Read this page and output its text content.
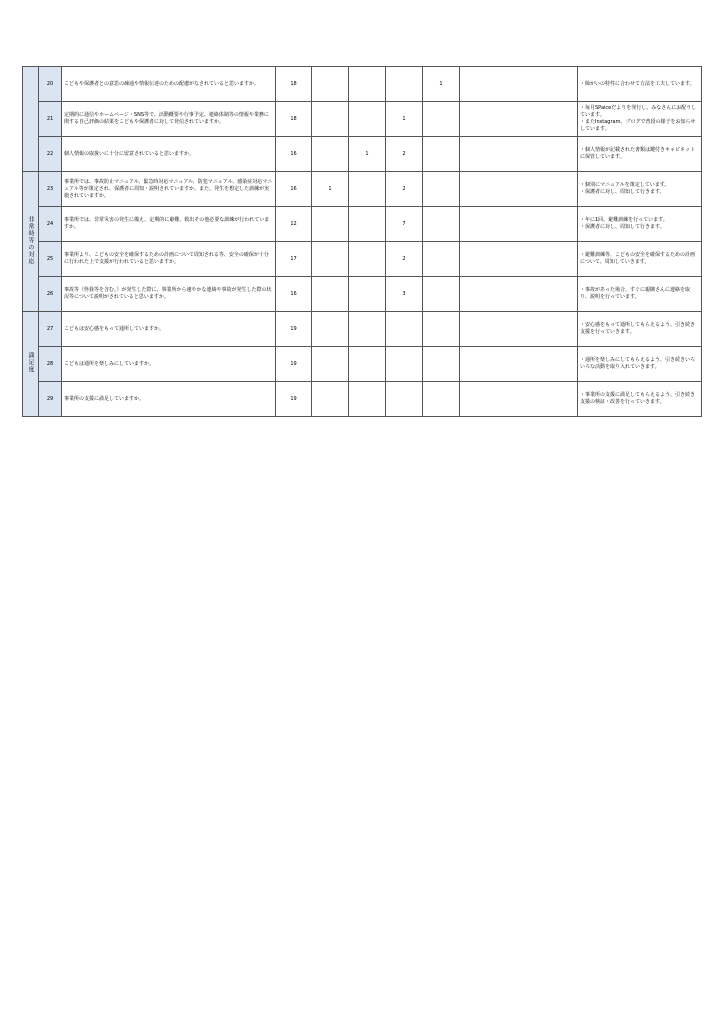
	20	こどもや保護者との意思の疎通や情報伝達のための配慮がなされていると思いますか。	18				1		・障がいの特性に合わせて方法を工夫しています。
	21	定期的に通信やホームページ・SNS等で、活動概要や行事予定、連絡体制等の情報や業務に関する自己評価の結果をこどもや保護者に対して発信されていますか。	18			1			・毎月SPaiceだよりを発行し、みなさんにお配りしています。
・またInstagram、ブログで普段の様子をお知らせしています。
	22	個人情報の取扱いに十分に留意されていると思いますか。	16		1	2			・個人情報が記載された書類は鍵付きキャビネットに保管しています。
非常時等の対応	23	事業所では、事故防止マニュアル、緊急時対応マニュアル、防犯マニュアル、感染症対応マニュアル等が策定され、保護者に周知・説明されていますか。また、発生を想定した訓練が実施されていますか。	16	1		2			・個別にマニュアルを策定しています。
・保護者に対し、周知して行きます。
	24	事業所では、非常災害の発生に備え、定期的に避難、救出その他必要な訓練が行われていますか。	12			7			・年に1回、避難訓練を行っています。
・保護者に対し、周知して行きます。
	25	事業所より、こどもの安全を確保するための計画について周知される等、安全の確保が十分に行われた上で支援が行われていると思いますか。	17			2			・避難訓練等、こどもの安全を確保するための計画について、周知していきます。
	26	事故等（怪我等を含む。）が発生した際に、事業所から速やかな連絡や事故が発生した際の状況等について説明がされていると思いますか。	16			3			・事故があった場合、すぐに親御さんに連絡を取り、説明を行っています。
満足度	27	こどもは安心感をもって通所していますか。	19						・安心感をもって通所してもらえるよう、引き続き支援を行っていきます。
	28	こどもは通所を楽しみにしていますか。	19						・通所を楽しみにしてもらえるよう、引き続きいろいろな活動を取り入れていきます。
	29	事業所の支援に満足していますか。	19						・事業所の支援に満足してもらえるよう、引き続き支援の検証・改善を行っていきます。
